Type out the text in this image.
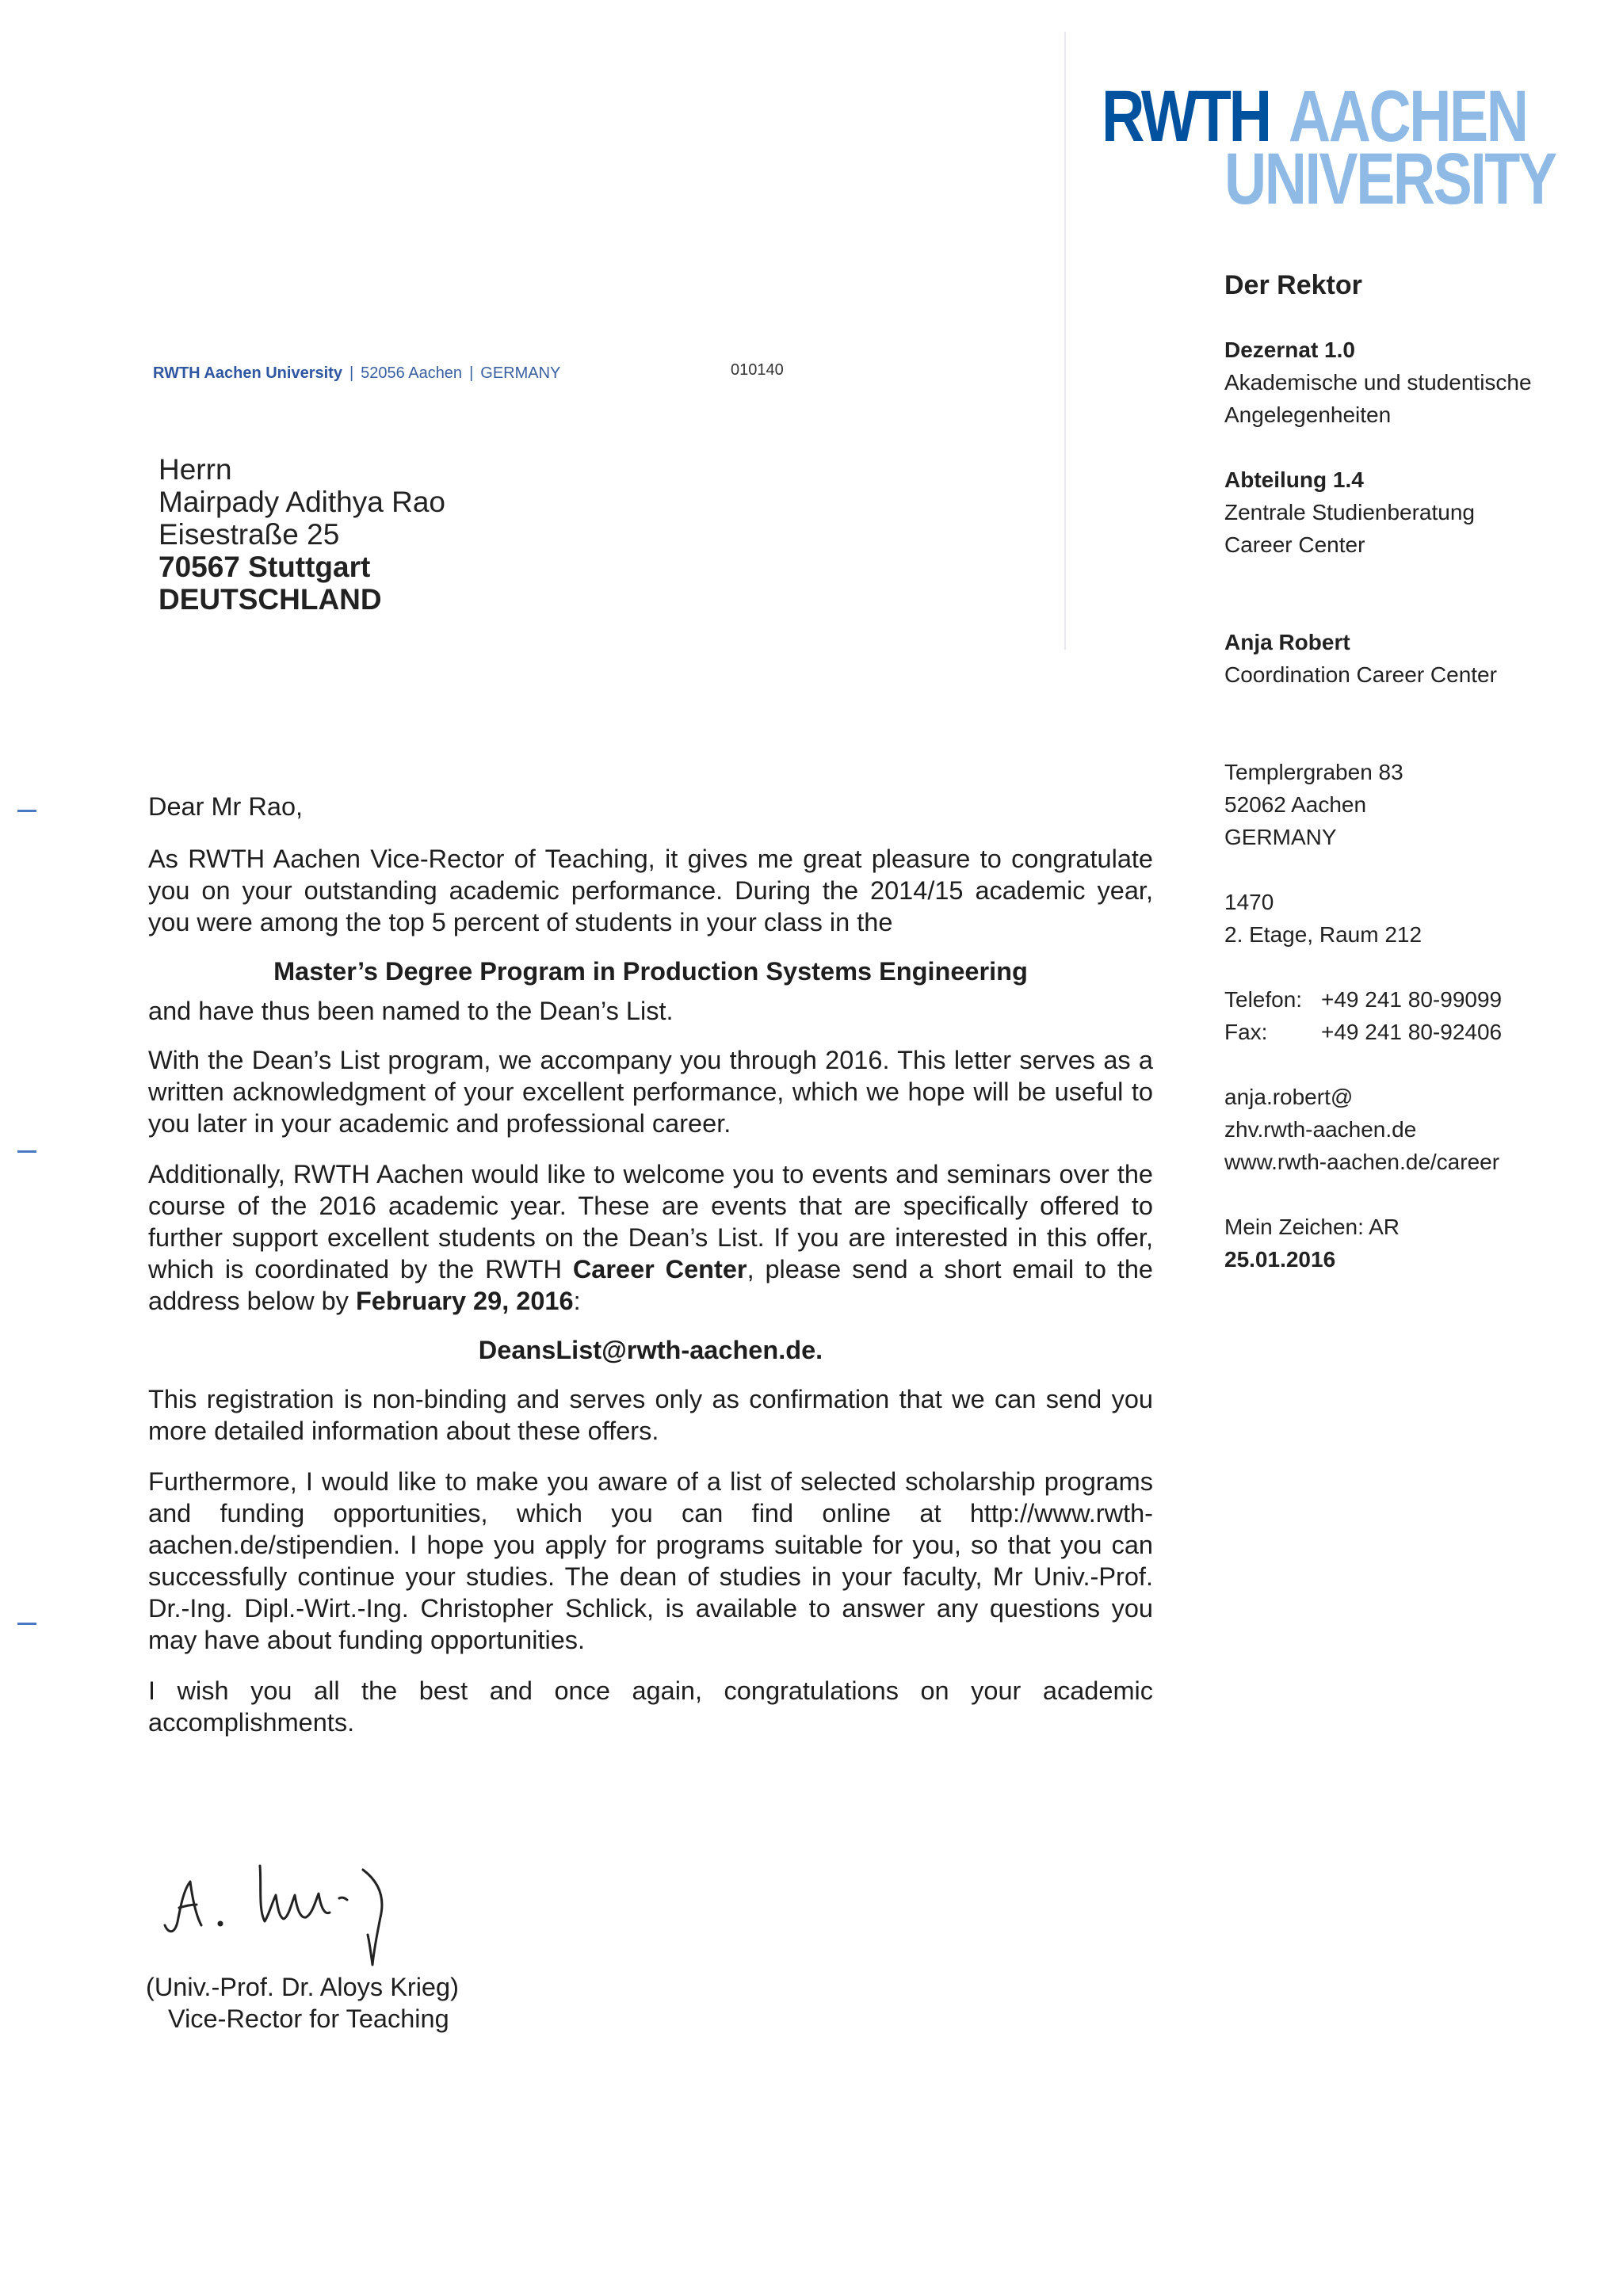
RWTH AACHEN
UNIVERSITY
RWTH Aachen University | 52056 Aachen | GERMANY	010140
Herrn
Mairpady Adithya Rao
Eisestraße 25
70567 Stuttgart
DEUTSCHLAND
Der Rektor
Dezernat 1.0
Akademische und studentische
Angelegenheiten
Abteilung 1.4
Zentrale Studienberatung
Career Center
Anja Robert
Coordination Career Center
Templergraben 83
52062 Aachen
GERMANY
1470
2. Etage, Raum 212
Telefon: +49 241 80-99099
Fax:	+49 241 80-92406
anja.robert@
zhv.rwth-aachen.de
www.rwth-aachen.de/career
Mein Zeichen: AR
25.01.2016

Dear Mr Rao,

As RWTH Aachen Vice-Rector of Teaching, it gives me great pleasure to congratulate you on your outstanding academic performance. During the 2014/15 academic year, you were among the top 5 percent of students in your class in the

Master’s Degree Program in Production Systems Engineering

and have thus been named to the Dean’s List.

With the Dean’s List program, we accompany you through 2016. This letter serves as a written acknowledgment of your excellent performance, which we hope will be useful to you later in your academic and professional career.

Additionally, RWTH Aachen would like to welcome you to events and seminars over the course of the 2016 academic year. These are events that are specifically offered to further support excellent students on the Dean’s List. If you are interested in this offer, which is coordinated by the RWTH Career Center, please send a short email to the address below by February 29, 2016:

DeansList@rwth-aachen.de.

This registration is non-binding and serves only as confirmation that we can send you more detailed information about these offers.

Furthermore, I would like to make you aware of a list of selected scholarship programs and funding opportunities, which you can find online at http://www.rwth-aachen.de/stipendien. I hope you apply for programs suitable for you, so that you can successfully continue your studies. The dean of studies in your faculty, Mr Univ.-Prof. Dr.-Ing. Dipl.-Wirt.-Ing. Christopher Schlick, is available to answer any questions you may have about funding opportunities.

I wish you all the best and once again, congratulations on your academic accomplishments.

(Univ.-Prof. Dr. Aloys Krieg)
Vice-Rector for Teaching
